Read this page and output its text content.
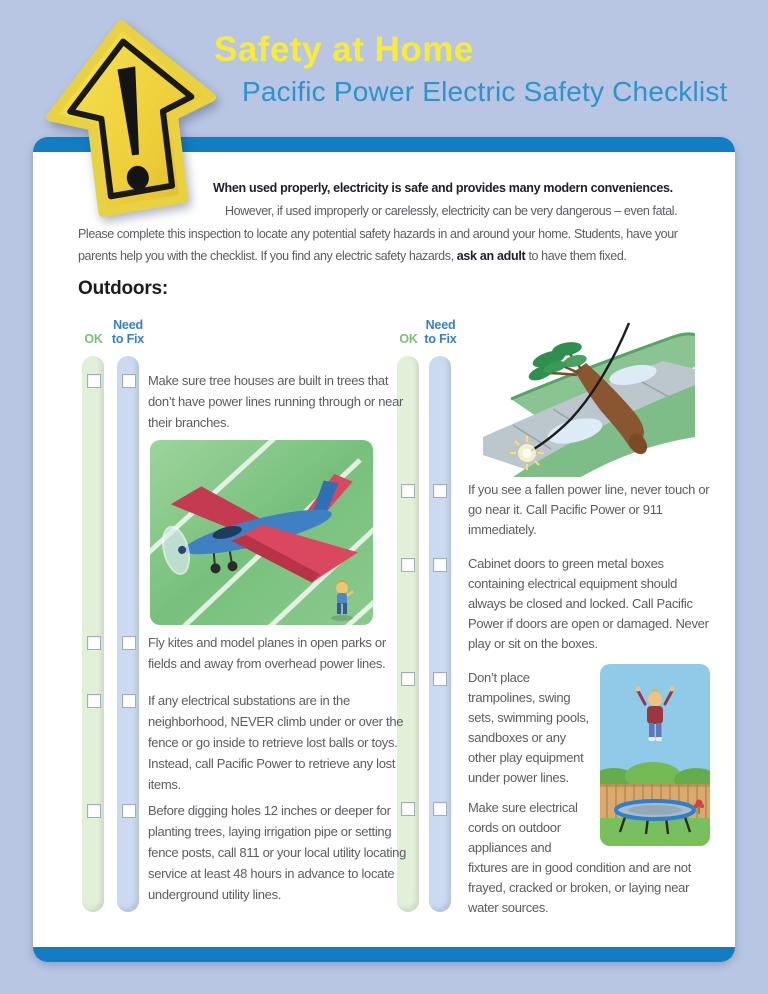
Safety at Home
Pacific Power Electric Safety Checklist
When used properly, electricity is safe and provides many modern conveniences.
However, if used improperly or carelessly, electricity can be very dangerous – even fatal.
Please complete this inspection to locate any potential safety hazards in and around your home. Students, have your
parents help you with the checklist. If you find any electric safety hazards, ask an adult to have them fixed.
Outdoors:
OK
Need
to Fix	OK
Need
to Fix
Make sure tree houses are built in trees that don’t have power lines running through or near their branches.
Fly kites and model planes in open parks or fields and away from overhead power lines.
If any electrical substations are in the neighborhood, NEVER climb under or over the fence or go inside to retrieve lost balls or toys. Instead, call Pacific Power to retrieve any lost items.
Before digging holes 12 inches or deeper for planting trees, laying irrigation pipe or setting fence posts, call 811 or your local utility locating service at least 48 hours in advance to locate underground utility lines.
If you see a fallen power line, never touch or go near it. Call Pacific Power or 911 immediately.
Cabinet doors to green metal boxes containing electrical equipment should always be closed and locked. Call Pacific Power if doors are open or damaged. Never play or sit on the boxes.

Don’t place trampolines, swing sets, swimming pools, sandboxes or any other play equipment under power lines.

Make sure electrical cords on outdoor appliances and fixtures are in good condition and are not frayed, cracked or broken, or laying near water sources.
